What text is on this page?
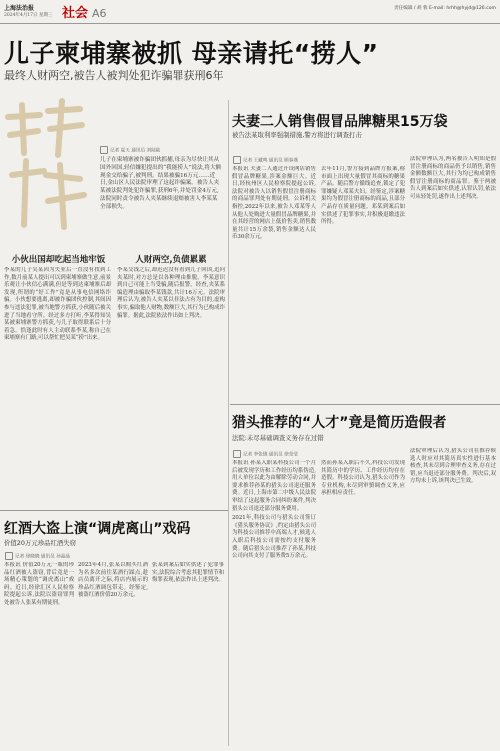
上海法治报
2024年4月17日 星期三 社会 A6	责任编辑 / 胡 蓉 E-mail: hrhh@hyjd@126.com
儿子柬埔寨被抓 母亲请托“捞人”
最终人财两空,被告人被判处犯诈骗罪获刑6年
记者 夏天 通讯员 刘陆陆
儿子在柬埔寨被诈骗团伙抓捕,母亲为尽快让其从国外回国,轻信嫌犯提出的“我能捞人”说法,将大额现金交给骗子,被判刑。结果被骗16万元……近日,金山区人民法院审理了这起诈骗案。被告人夹某被法院判处犯诈骗罪,获刑6年,并处罚金4万元,法院同时责令被告人夹某继续退赔被害人李某某全部损失。
小伙出国却吃起当地牢饭	人财两空,负债累累
李某的儿子吴某因为失业后一直没有找到工作,数月前某人提出可以到柬埔寨做生意,前景乐观让小伙信心满满,但是等到达柬埔寨后却发现,所谓的“好工作”竟是从事电信网络诈骗。小伙想要逃离,却被诈骗团伙控制,其间因参与违法犯罪,被当地警方抓获,小伙随后被关进了当地看守所。经过多方打听,李某得知吴某被柬埔寨警方抓获,与儿子取得联系后十分着急。恰逢此时有人主动联系李某,称自己在柬埔寨有门路,可以帮忙把吴某“捞”出来。
李某交钱之后,却迟迟没有看到儿子回国,追问夹某时,对方总是以各种理由推脱。李某意识到自己可能上当受骗,随后报警。经查,夹某系编造理由骗取李某钱款,共计16万元。法院审理后认为,被告人夹某以非法占有为目的,虚构事实,骗取他人财物,数额巨大,其行为已构成诈骗罪。据此,法院依法作出如上判决。
夫妻二人销售假冒品牌糖果15万袋
被告法某取利率强制措施,警方将进行调查打击
记者 王藏鸣 通讯员 顾春燕
本报讯 夫妻二人通过开设网店销售假冒品牌糖果,涉案金额巨大。近日,经杭州区人民检察院提起公诉,法院对被告人以销售假冒注册商标的商品罪判处有期徒刑。公诉机关指控,2022年以来,被告人邓某等人从他人处购进大量假冒品牌糖果,并在其经营的网店上低价售卖,销售数量共计15万余袋,销售金额达人民币30余万元。
去年11月,警方接到品牌方报案,称市面上出现大量假冒其商标的糖果产品。随后警方循线追查,锁定了犯罪嫌疑人邓某夫妇。经鉴定,涉案糖果均为假冒注册商标的商品,且部分产品存在质量问题。邓某到案后如实供述了犯罪事实,并积极退缴违法所得。
法院审理认为,两名被告人明知是假冒注册商标的商品仍予以销售,销售金额数额巨大,其行为均已构成销售假冒注册商标的商品罪。鉴于两被告人到案后如实供述,认罪认罚,依法可从轻处罚,遂作出上述判决。
猎头推荐的“人才”竟是简历造假者
法院:未尽基础调查义务存在过错
记者 李张锦 通讯员 徐莹莹
本报讯 孙某入职某科技公司一个月后被发现学历和工作经历均系伪造,用人单位以此为由解除劳动合同,并要求推荐孙某的猎头公司退还服务费。近日,上海市第二中级人民法院审结了这起服务合同纠纷案件,判决猎头公司退还部分服务费用。
2021年,科技公司与猎头公司签订《猎头服务协议》,约定由猎头公司为科技公司推荐中高端人才,候选人入职后科技公司需按约支付服务费。随后猎头公司推荐了孙某,科技公司向其支付了服务费5万余元。
然而孙某入职后不久,科技公司发现其简历中的学历、工作经历均存在造假。科技公司认为,猎头公司作为专业机构,未尽到审慎调查义务,应承担相应责任。
法院审理后认为,猎头公司在推荐候选人时应对其简历真实性进行基本核查,其未尽到合理审查义务,存在过错,应当退还部分服务费。判决后,双方均未上诉,该判决已生效。
红酒大盗上演“调虎离山”戏码
价值20万元珍品红酒失窃
记者 徐晓晓 通讯员 孙晶晶
本报讯 价值20万元一瓶的珍品红酒被人盗窃,背后竟是一场精心策划的“调虎离山”戏码。近日,经徐汇区人民检察院提起公诉,法院以盗窃罪判处被告人张某有期徒刑。
2023年4月,张某以购买红酒为名多次前往某酒行踩点,趁店员离开之际,将店内展示的珍品红酒调包带走。经鉴定,被盗红酒价值20万余元。
张某到案后如实供述了犯罪事实,法院综合考虑其犯罪情节和悔罪表现,依法作出上述判决。
